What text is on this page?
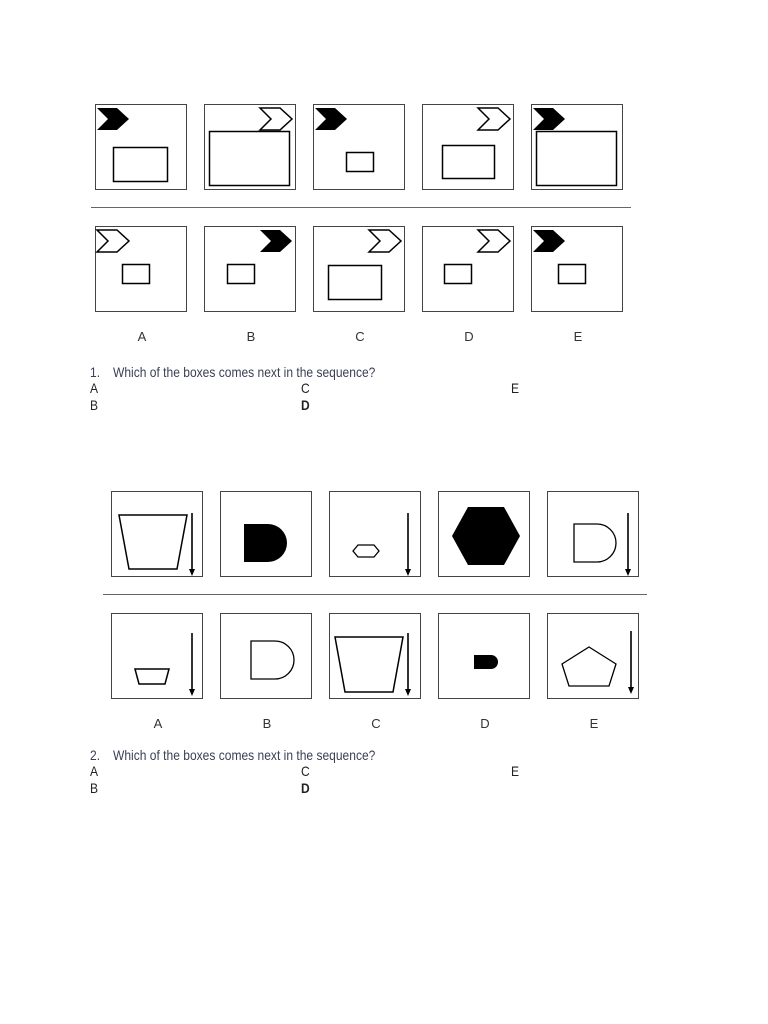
A	B	C	D	E
1. Which of the boxes comes next in the sequence?
A
B
C
D
E
A	B	C	D	E
2. Which of the boxes comes next in the sequence?
A
B
C
D
E
